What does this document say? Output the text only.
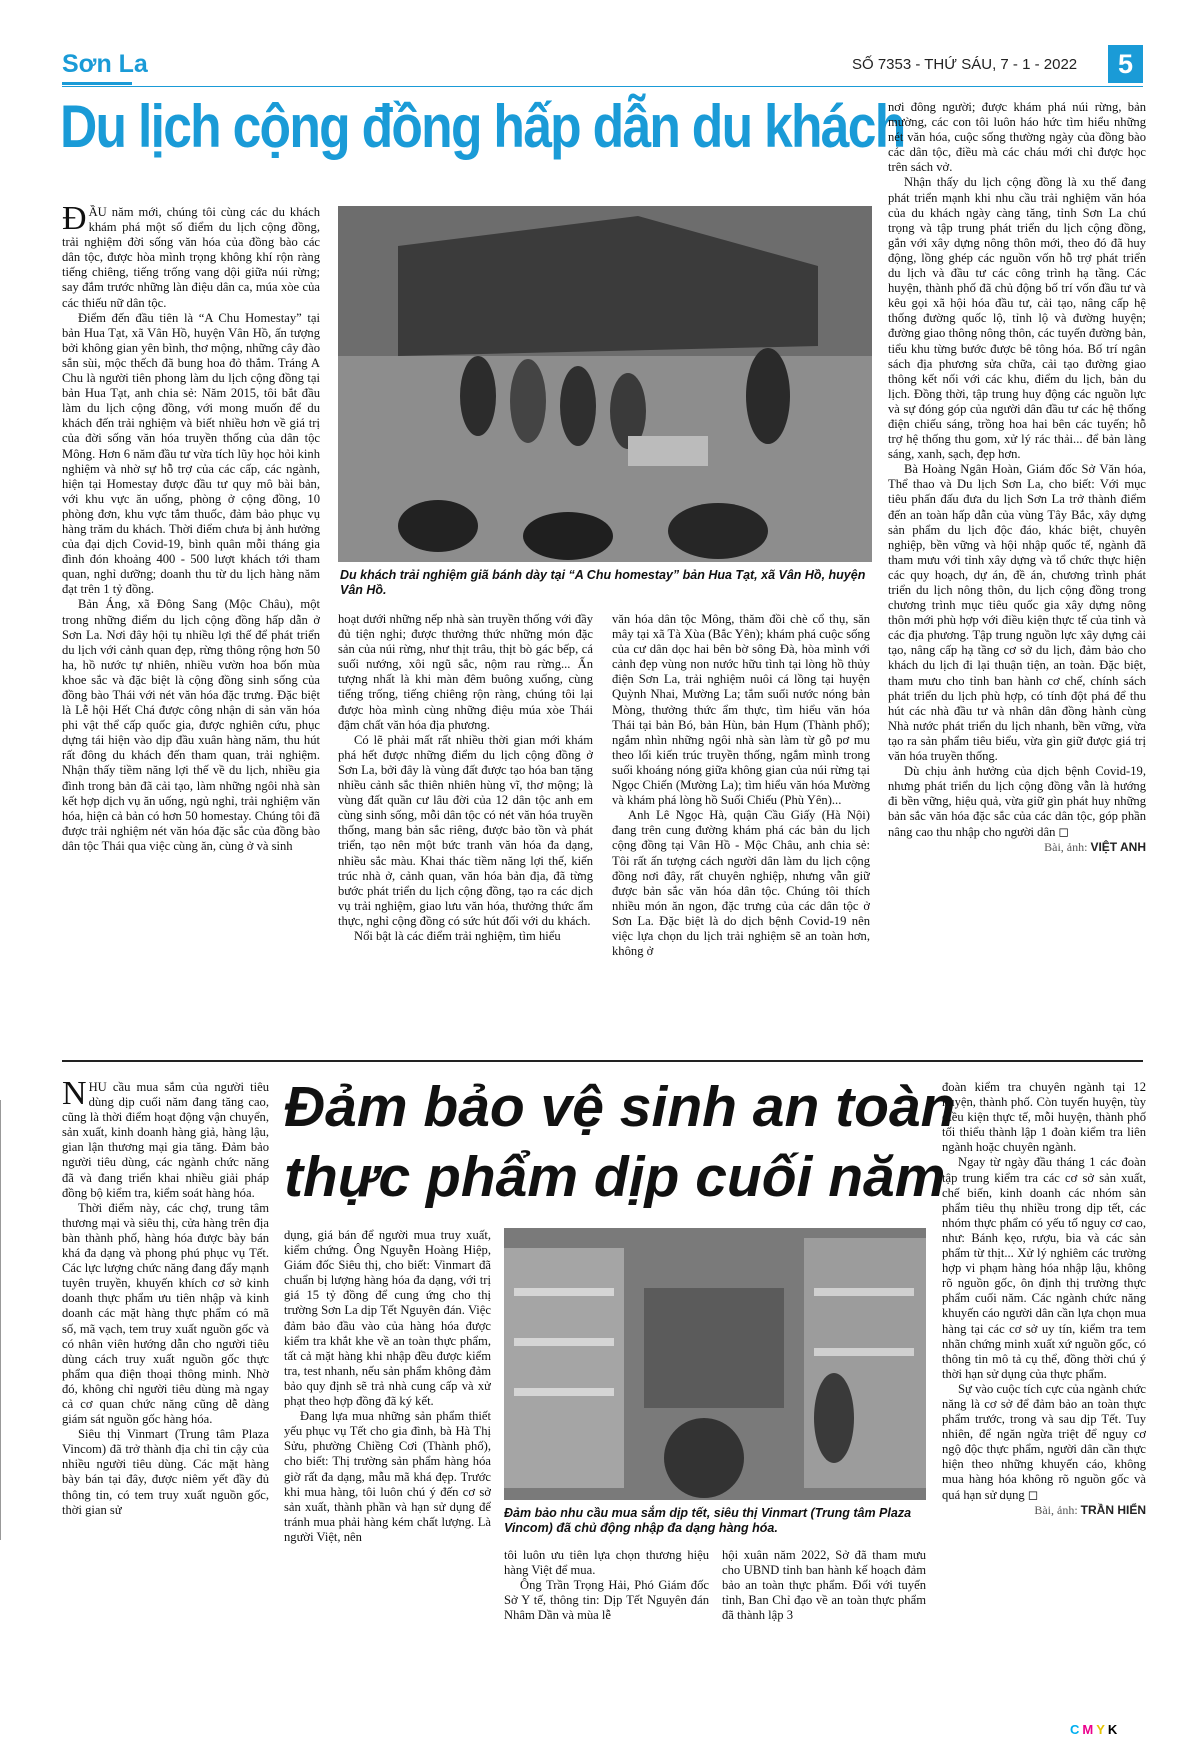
Sơn La	SỐ 7353 - THỨ SÁU, 7 - 1 - 2022	5
Du lịch cộng đồng hấp dẫn du khách

ĐẦU năm mới, chúng tôi cùng các du khách khám phá một số điểm du lịch cộng đồng, trải nghiệm đời sống văn hóa của đồng bào các dân tộc, được hòa mình trọng không khí rộn ràng tiếng chiêng, tiếng trống vang dội giữa núi rừng; say đắm trước những làn điệu dân ca, múa xòe của các thiếu nữ dân tộc.

Điểm đến đầu tiên là “A Chu Homestay” tại bản Hua Tạt, xã Vân Hồ, huyện Vân Hồ, ấn tượng bởi không gian yên bình, thơ mộng, những cây đào sắn sùi, mộc thếch đã bung hoa đỏ thắm. Tráng A Chu là người tiên phong làm du lịch cộng đồng tại bản Hua Tạt, anh chia sẻ: Năm 2015, tôi bắt đầu làm du lịch cộng đồng, với mong muốn để du khách đến trải nghiệm và biết nhiều hơn về giá trị của đời sống văn hóa truyền thống của dân tộc Mông. Hơn 6 năm đầu tư vừa tích lũy học hỏi kinh nghiệm và nhờ sự hỗ trợ của các cấp, các ngành, hiện tại Homestay được đầu tư quy mô bài bản, với khu vực ăn uống, phòng ở cộng đồng, 10 phòng đơn, khu vực tắm thuốc, đảm bảo phục vụ hàng trăm du khách. Thời điểm chưa bị ảnh hưởng của đại dịch Covid-19, bình quân mỗi tháng gia đình đón khoảng 400 - 500 lượt khách tới tham quan, nghỉ dưỡng; doanh thu từ du lịch hàng năm đạt trên 1 tỷ đồng.

Bản Áng, xã Đông Sang (Mộc Châu), một trong những điểm du lịch cộng đồng hấp dẫn ở Sơn La. Nơi đây hội tụ nhiều lợi thế để phát triển du lịch với cảnh quan đẹp, rừng thông rộng hơn 50 ha, hồ nước tự nhiên, nhiều vườn hoa bốn mùa khoe sắc và đặc biệt là cộng đồng sinh sống của đồng bào Thái với nét văn hóa đặc trưng. Đặc biệt là Lễ hội Hết Chá được công nhận di sản văn hóa phi vật thể cấp quốc gia, được nghiên cứu, phục dựng tái hiện vào dịp đầu xuân hàng năm, thu hút rất đông du khách đến tham quan, trải nghiệm. Nhận thấy tiềm năng lợi thế về du lịch, nhiều gia đình trong bản đã cải tạo, làm những ngôi nhà sàn kết hợp dịch vụ ăn uống, ngủ nghỉ, trải nghiệm văn hóa, hiện cả bản có hơn 50 homestay. Chúng tôi đã được trải nghiệm nét văn hóa đặc sắc của đồng bào dân tộc Thái qua việc cùng ăn, cùng ở và sinh

Du khách trải nghiệm giã bánh dày tại “A Chu homestay” bản Hua Tạt, xã Vân Hồ, huyện Vân Hồ.

hoạt dưới những nếp nhà sàn truyền thống với đầy đủ tiện nghi; được thưởng thức những món đặc sản của núi rừng, như thịt trâu, thịt bò gác bếp, cá suối nướng, xôi ngũ sắc, nộm rau rừng... Ấn tượng nhất là khi màn đêm buông xuống, cùng tiếng trống, tiếng chiêng rộn ràng, chúng tôi lại được hòa mình cùng những điệu múa xòe Thái đậm chất văn hóa địa phương.

Có lẽ phải mất rất nhiều thời gian mới khám phá hết được những điểm du lịch cộng đồng ở Sơn La, bởi đây là vùng đất được tạo hóa ban tặng nhiều cảnh sắc thiên nhiên hùng vĩ, thơ mộng; là vùng đất quần cư lâu đời của 12 dân tộc anh em cùng sinh sống, mỗi dân tộc có nét văn hóa truyền thống, mang bản sắc riêng, được bảo tồn và phát triển, tạo nên một bức tranh văn hóa đa dạng, nhiều sắc màu. Khai thác tiềm năng lợi thế, kiến trúc nhà ở, cảnh quan, văn hóa bản địa, đã từng bước phát triển du lịch cộng đồng, tạo ra các dịch vụ trải nghiệm, giao lưu văn hóa, thưởng thức ẩm thực, nghỉ cộng đồng có sức hút đối với du khách.

Nổi bật là các điểm trải nghiệm, tìm hiểu

văn hóa dân tộc Mông, thăm đồi chè cổ thụ, săn mây tại xã Tà Xùa (Bắc Yên); khám phá cuộc sống của cư dân dọc hai bên bờ sông Đà, hòa mình với cảnh đẹp vùng non nước hữu tình tại lòng hồ thủy điện Sơn La, trải nghiệm nuôi cá lồng tại huyện Quỳnh Nhai, Mường La; tắm suối nước nóng bản Mòng, thưởng thức ẩm thực, tìm hiểu văn hóa Thái tại bản Bó, bản Hùn, bản Hụm (Thành phố); ngắm nhìn những ngôi nhà sàn làm từ gỗ pơ mu theo lối kiến trúc truyền thống, ngắm mình trong suối khoáng nóng giữa không gian của núi rừng tại Ngọc Chiến (Mường La); tìm hiểu văn hóa Mường và khám phá lòng hồ Suối Chiếu (Phù Yên)...

Anh Lê Ngọc Hà, quận Cầu Giấy (Hà Nội) đang trên cung đường khám phá các bản du lịch cộng đồng tại Vân Hồ - Mộc Châu, anh chia sẻ: Tôi rất ấn tượng cách người dân làm du lịch cộng đồng nơi đây, rất chuyên nghiệp, nhưng vẫn giữ được bản sắc văn hóa dân tộc. Chúng tôi thích nhiều món ăn ngon, đặc trưng của các dân tộc ở Sơn La. Đặc biệt là do dịch bệnh Covid-19 nên việc lựa chọn du lịch trải nghiệm sẽ an toàn hơn, không ở

nơi đông người; được khám phá núi rừng, bản mường, các con tôi luôn háo hức tìm hiểu những nét văn hóa, cuộc sống thường ngày của đồng bào các dân tộc, điều mà các cháu mới chỉ được học trên sách vở.

Nhận thấy du lịch cộng đồng là xu thế đang phát triển mạnh khi nhu cầu trải nghiệm văn hóa của du khách ngày càng tăng, tỉnh Sơn La chú trọng và tập trung phát triển du lịch cộng đồng, gắn với xây dựng nông thôn mới, theo đó đã huy động, lồng ghép các nguồn vốn hỗ trợ phát triển du lịch và đầu tư các công trình hạ tầng. Các huyện, thành phố đã chủ động bố trí vốn đầu tư và kêu gọi xã hội hóa đầu tư, cải tạo, nâng cấp hệ thống đường quốc lộ, tỉnh lộ và đường huyện; đường giao thông nông thôn, các tuyến đường bản, tiểu khu từng bước được bê tông hóa. Bố trí ngân sách địa phương sửa chữa, cải tạo đường giao thông kết nối với các khu, điểm du lịch, bản du lịch. Đồng thời, tập trung huy động các nguồn lực và sự đóng góp của người dân đầu tư các hệ thống điện chiếu sáng, trồng hoa hai bên các tuyến; hỗ trợ hệ thống thu gom, xử lý rác thải... để bản làng sáng, xanh, sạch, đẹp hơn.

Bà Hoàng Ngân Hoàn, Giám đốc Sở Văn hóa, Thể thao và Du lịch Sơn La, cho biết: Với mục tiêu phấn đấu đưa du lịch Sơn La trở thành điểm đến an toàn hấp dẫn của vùng Tây Bắc, xây dựng sản phẩm du lịch độc đáo, khác biệt, chuyên nghiệp, bền vững và hội nhập quốc tế, ngành đã tham mưu với tỉnh xây dựng và tổ chức thực hiện các quy hoạch, dự án, đề án, chương trình phát triển du lịch nông thôn, du lịch cộng đồng trong chương trình mục tiêu quốc gia xây dựng nông thôn mới phù hợp với điều kiện thực tế của tỉnh và các địa phương. Tập trung nguồn lực xây dựng cải tạo, nâng cấp hạ tầng cơ sở du lịch, đảm bảo cho khách du lịch đi lại thuận tiện, an toàn. Đặc biệt, tham mưu cho tỉnh ban hành cơ chế, chính sách phát triển du lịch phù hợp, có tính đột phá để thu hút các nhà đầu tư và nhân dân đồng hành cùng Nhà nước phát triển du lịch nhanh, bền vững, vừa tạo ra sản phẩm tiêu biểu, vừa gìn giữ được giá trị văn hóa truyền thống.

Dù chịu ảnh hưởng của dịch bệnh Covid-19, nhưng phát triển du lịch cộng đồng vẫn là hướng đi bền vững, hiệu quả, vừa giữ gìn phát huy những bản sắc văn hóa đặc sắc của các dân tộc, góp phần nâng cao thu nhập cho người dân ◻

Bài, ảnh: VIỆT ANH
Đảm bảo vệ sinh an toàn
thực phẩm dịp cuối năm

NHU cầu mua sắm của người tiêu dùng dịp cuối năm đang tăng cao, cũng là thời điểm hoạt động vận chuyển, sản xuất, kinh doanh hàng giả, hàng lậu, gian lận thương mại gia tăng. Đảm bảo người tiêu dùng, các ngành chức năng đã và đang triển khai nhiều giải pháp đồng bộ kiểm tra, kiểm soát hàng hóa.

Thời điểm này, các chợ, trung tâm thương mại và siêu thị, cửa hàng trên địa bàn thành phố, hàng hóa được bày bán khá đa dạng và phong phú phục vụ Tết. Các lực lượng chức năng đang đẩy mạnh tuyên truyền, khuyến khích cơ sở kinh doanh thực phẩm ưu tiên nhập và kinh doanh các mặt hàng thực phẩm có mã số, mã vạch, tem truy xuất nguồn gốc và có nhân viên hướng dẫn cho người tiêu dùng cách truy xuất nguồn gốc thực phẩm qua điện thoại thông minh. Nhờ đó, không chỉ người tiêu dùng mà ngay cả cơ quan chức năng cũng dễ dàng giám sát nguồn gốc hàng hóa.

Siêu thị Vinmart (Trung tâm Plaza Vincom) đã trở thành địa chỉ tin cậy của nhiều người tiêu dùng. Các mặt hàng bày bán tại đây, được niêm yết đầy đủ thông tin, có tem truy xuất nguồn gốc, thời gian sử

dụng, giá bán để người mua truy xuất, kiểm chứng. Ông Nguyễn Hoàng Hiệp, Giám đốc Siêu thị, cho biết: Vinmart đã chuẩn bị lượng hàng hóa đa dạng, với trị giá 15 tỷ đồng để cung ứng cho thị trường Sơn La dịp Tết Nguyên đán. Việc đảm bảo đầu vào của hàng hóa được kiểm tra khắt khe về an toàn thực phẩm, tất cả mặt hàng khi nhập đều được kiểm tra, test nhanh, nếu sản phẩm không đảm bảo quy định sẽ trả nhà cung cấp và xử phạt theo hợp đồng đã ký kết.

Đang lựa mua những sản phẩm thiết yếu phục vụ Tết cho gia đình, bà Hà Thị Sửu, phường Chiềng Cơi (Thành phố), cho biết: Thị trường sản phẩm hàng hóa giờ rất đa dạng, mẫu mã khá đẹp. Trước khi mua hàng, tôi luôn chú ý đến cơ sở sản xuất, thành phần và hạn sử dụng để tránh mua phải hàng kém chất lượng. Là người Việt, nên

Đảm bảo nhu cầu mua sắm dịp tết, siêu thị Vinmart (Trung tâm Plaza Vincom) đã chủ động nhập đa dạng hàng hóa.

tôi luôn ưu tiên lựa chọn thương hiệu hàng Việt để mua.

Ông Trần Trọng Hải, Phó Giám đốc Sở Y tế, thông tin: Dịp Tết Nguyên đán Nhâm Dần và mùa lễ

hội xuân năm 2022, Sở đã tham mưu cho UBND tỉnh ban hành kế hoạch đảm bảo an toàn thực phẩm. Đối với tuyến tỉnh, Ban Chỉ đạo về an toàn thực phẩm đã thành lập 3

đoàn kiểm tra chuyên ngành tại 12 huyện, thành phố. Còn tuyến huyện, tùy điều kiện thực tế, mỗi huyện, thành phố tối thiểu thành lập 1 đoàn kiểm tra liên ngành hoặc chuyên ngành.

Ngay từ ngày đầu tháng 1 các đoàn tập trung kiểm tra các cơ sở sản xuất, chế biến, kinh doanh các nhóm sản phẩm tiêu thụ nhiều trong dịp tết, các nhóm thực phẩm có yếu tố nguy cơ cao, như: Bánh kẹo, rượu, bia và các sản phẩm từ thịt... Xử lý nghiêm các trường hợp vi phạm hàng hóa nhập lậu, không rõ nguồn gốc, ôn định thị trường thực phẩm cuối năm. Các ngành chức năng khuyến cáo người dân cần lựa chọn mua hàng tại các cơ sở uy tín, kiểm tra tem nhãn chứng minh xuất xứ nguồn gốc, có thông tin mô tả cụ thể, đồng thời chú ý thời hạn sử dụng của thực phẩm.

Sự vào cuộc tích cực của ngành chức năng là cơ sở để đảm bảo an toàn thực phẩm trước, trong và sau dịp Tết. Tuy nhiên, để ngăn ngừa triệt để nguy cơ ngộ độc thực phẩm, người dân cần thực hiện theo những khuyến cáo, không mua hàng hóa không rõ nguồn gốc và quá hạn sử dụng ◻

Bài, ảnh: TRẦN HIỂN
CMYK
